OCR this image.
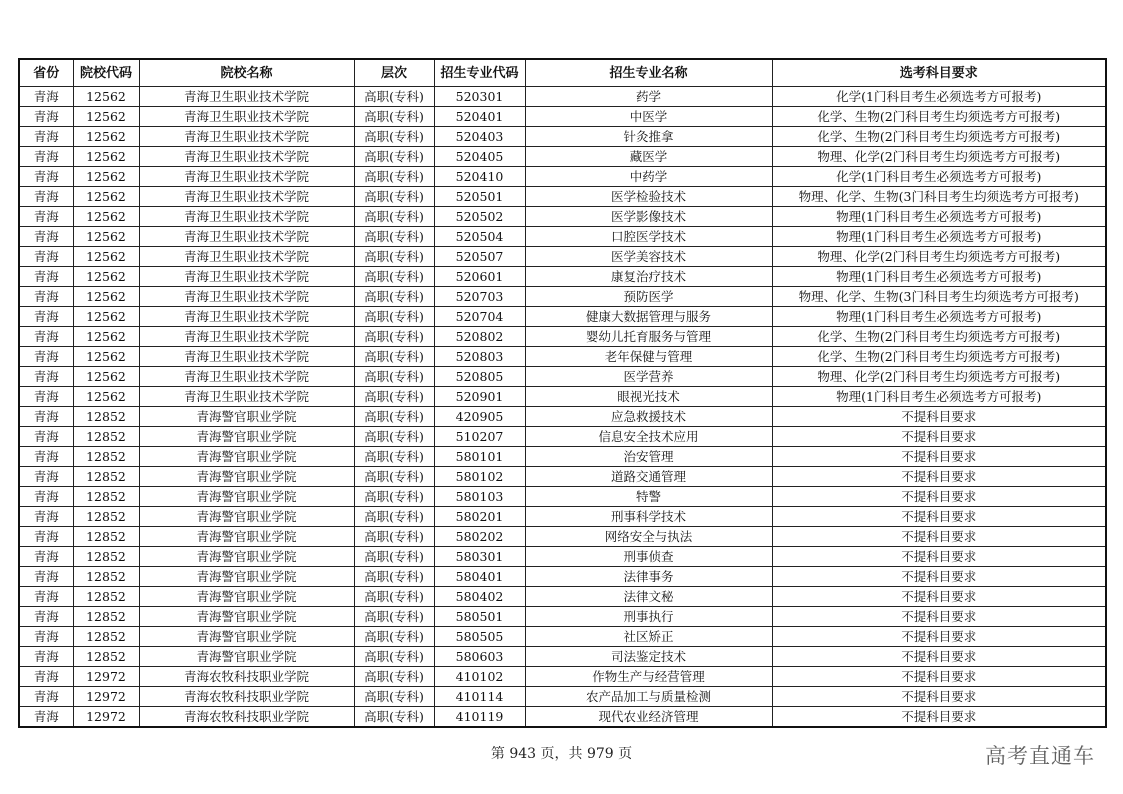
省份	院校代码	院校名称	层次	招生专业代码	招生专业名称	选考科目要求
青海	12562	青海卫生职业技术学院	高职(专科)	520301	药学	化学(1门科目考生必须选考方可报考)
青海	12562	青海卫生职业技术学院	高职(专科)	520401	中医学	化学、生物(2门科目考生均须选考方可报考)
青海	12562	青海卫生职业技术学院	高职(专科)	520403	针灸推拿	化学、生物(2门科目考生均须选考方可报考)
青海	12562	青海卫生职业技术学院	高职(专科)	520405	藏医学	物理、化学(2门科目考生均须选考方可报考)
青海	12562	青海卫生职业技术学院	高职(专科)	520410	中药学	化学(1门科目考生必须选考方可报考)
青海	12562	青海卫生职业技术学院	高职(专科)	520501	医学检验技术	物理、化学、生物(3门科目考生均须选考方可报考)
青海	12562	青海卫生职业技术学院	高职(专科)	520502	医学影像技术	物理(1门科目考生必须选考方可报考)
青海	12562	青海卫生职业技术学院	高职(专科)	520504	口腔医学技术	物理(1门科目考生必须选考方可报考)
青海	12562	青海卫生职业技术学院	高职(专科)	520507	医学美容技术	物理、化学(2门科目考生均须选考方可报考)
青海	12562	青海卫生职业技术学院	高职(专科)	520601	康复治疗技术	物理(1门科目考生必须选考方可报考)
青海	12562	青海卫生职业技术学院	高职(专科)	520703	预防医学	物理、化学、生物(3门科目考生均须选考方可报考)
青海	12562	青海卫生职业技术学院	高职(专科)	520704	健康大数据管理与服务	物理(1门科目考生必须选考方可报考)
青海	12562	青海卫生职业技术学院	高职(专科)	520802	婴幼儿托育服务与管理	化学、生物(2门科目考生均须选考方可报考)
青海	12562	青海卫生职业技术学院	高职(专科)	520803	老年保健与管理	化学、生物(2门科目考生均须选考方可报考)
青海	12562	青海卫生职业技术学院	高职(专科)	520805	医学营养	物理、化学(2门科目考生均须选考方可报考)
青海	12562	青海卫生职业技术学院	高职(专科)	520901	眼视光技术	物理(1门科目考生必须选考方可报考)
青海	12852	青海警官职业学院	高职(专科)	420905	应急救援技术	不提科目要求
青海	12852	青海警官职业学院	高职(专科)	510207	信息安全技术应用	不提科目要求
青海	12852	青海警官职业学院	高职(专科)	580101	治安管理	不提科目要求
青海	12852	青海警官职业学院	高职(专科)	580102	道路交通管理	不提科目要求
青海	12852	青海警官职业学院	高职(专科)	580103	特警	不提科目要求
青海	12852	青海警官职业学院	高职(专科)	580201	刑事科学技术	不提科目要求
青海	12852	青海警官职业学院	高职(专科)	580202	网络安全与执法	不提科目要求
青海	12852	青海警官职业学院	高职(专科)	580301	刑事侦查	不提科目要求
青海	12852	青海警官职业学院	高职(专科)	580401	法律事务	不提科目要求
青海	12852	青海警官职业学院	高职(专科)	580402	法律文秘	不提科目要求
青海	12852	青海警官职业学院	高职(专科)	580501	刑事执行	不提科目要求
青海	12852	青海警官职业学院	高职(专科)	580505	社区矫正	不提科目要求
青海	12852	青海警官职业学院	高职(专科)	580603	司法鉴定技术	不提科目要求
青海	12972	青海农牧科技职业学院	高职(专科)	410102	作物生产与经营管理	不提科目要求
青海	12972	青海农牧科技职业学院	高职(专科)	410114	农产品加工与质量检测	不提科目要求
青海	12972	青海农牧科技职业学院	高职(专科)	410119	现代农业经济管理	不提科目要求
第 943 页，共 979 页	高考直通车
